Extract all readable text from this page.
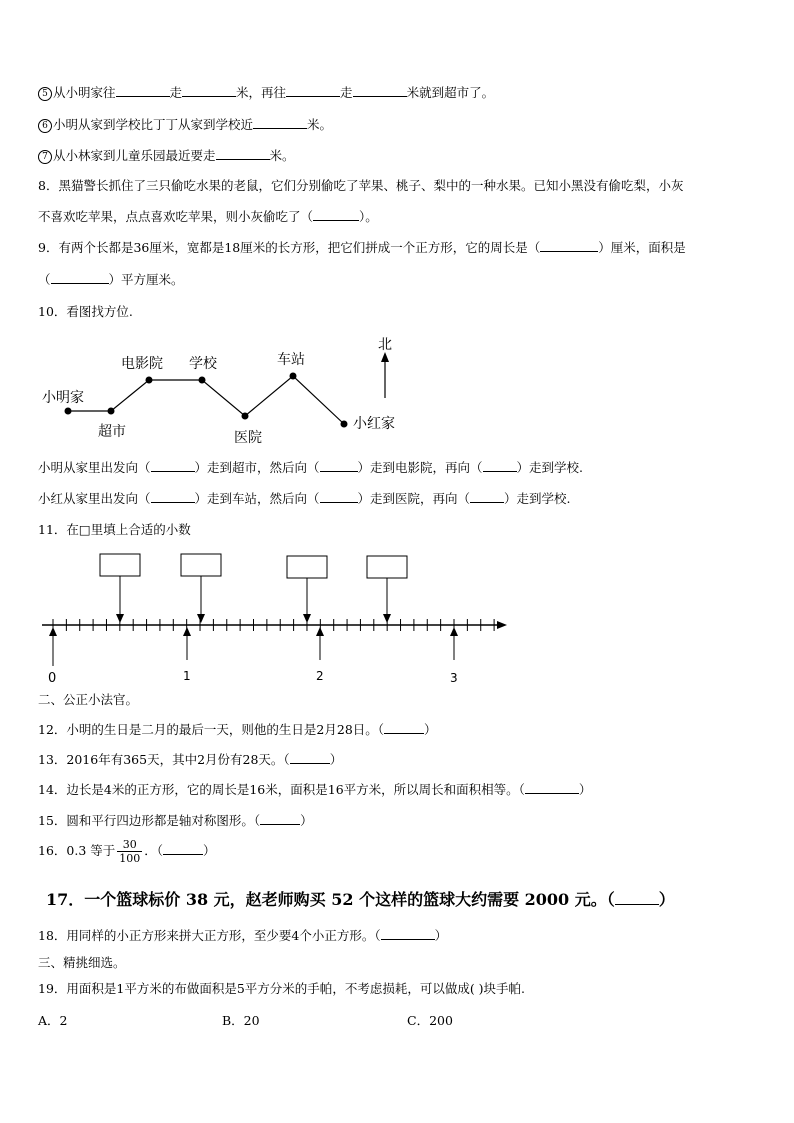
5 从小明家往	走	米，再往	走	米就到超市了。
6 小明从家到学校比丁丁从家到学校近	米。
7 从小林家到儿童乐园最近要走	米。
8．黑猫警长抓住了三只偷吃水果的老鼠，它们分别偷吃了苹果、桃子、梨中的一种水果。已知小黑没有偷吃梨，小灰
不喜欢吃苹果，点点喜欢吃苹果，则小灰偷吃了（	）。
9．有两个长都是36厘米，宽都是18厘米的长方形，把它们拼成一个正方形，它的周长是（	）厘米，面积是
（	）平方厘米。
10．看图找方位.
小明家
超市
电影院 学校
医院
车站
小红家
北
小明从家里出发向（	）走到超市，然后向（	）走到电影院，再向（	）走到学校.
小红从家里出发向（	）走到车站，然后向（	）走到医院，再向（	）走到学校.
11．在□里填上合适的小数
0	1	2	3
二、公正小法官。
12．小明的生日是二月的最后一天，则他的生日是2月28日。（	）
13．2016年有365天，其中2月份有28天。（	）
14．边长是4米的正方形，它的周长是16米，面积是16平方米，所以周长和面积相等。（	）
15．圆和平行四边形都是轴对称图形。（	）
16．0.3 等于 $\frac{30}{100}$ ．（	）
17．一个篮球标价 38 元，赵老师购买 52 个这样的篮球大约需要 2000 元。（	）
18．用同样的小正方形来拼大正方形，至少要4个小正方形。（	）
三、精挑细选。
19．用面积是1平方米的布做面积是5平方分米的手帕，不考虑损耗，可以做成( )块手帕.
A．2	B．20	C．200
